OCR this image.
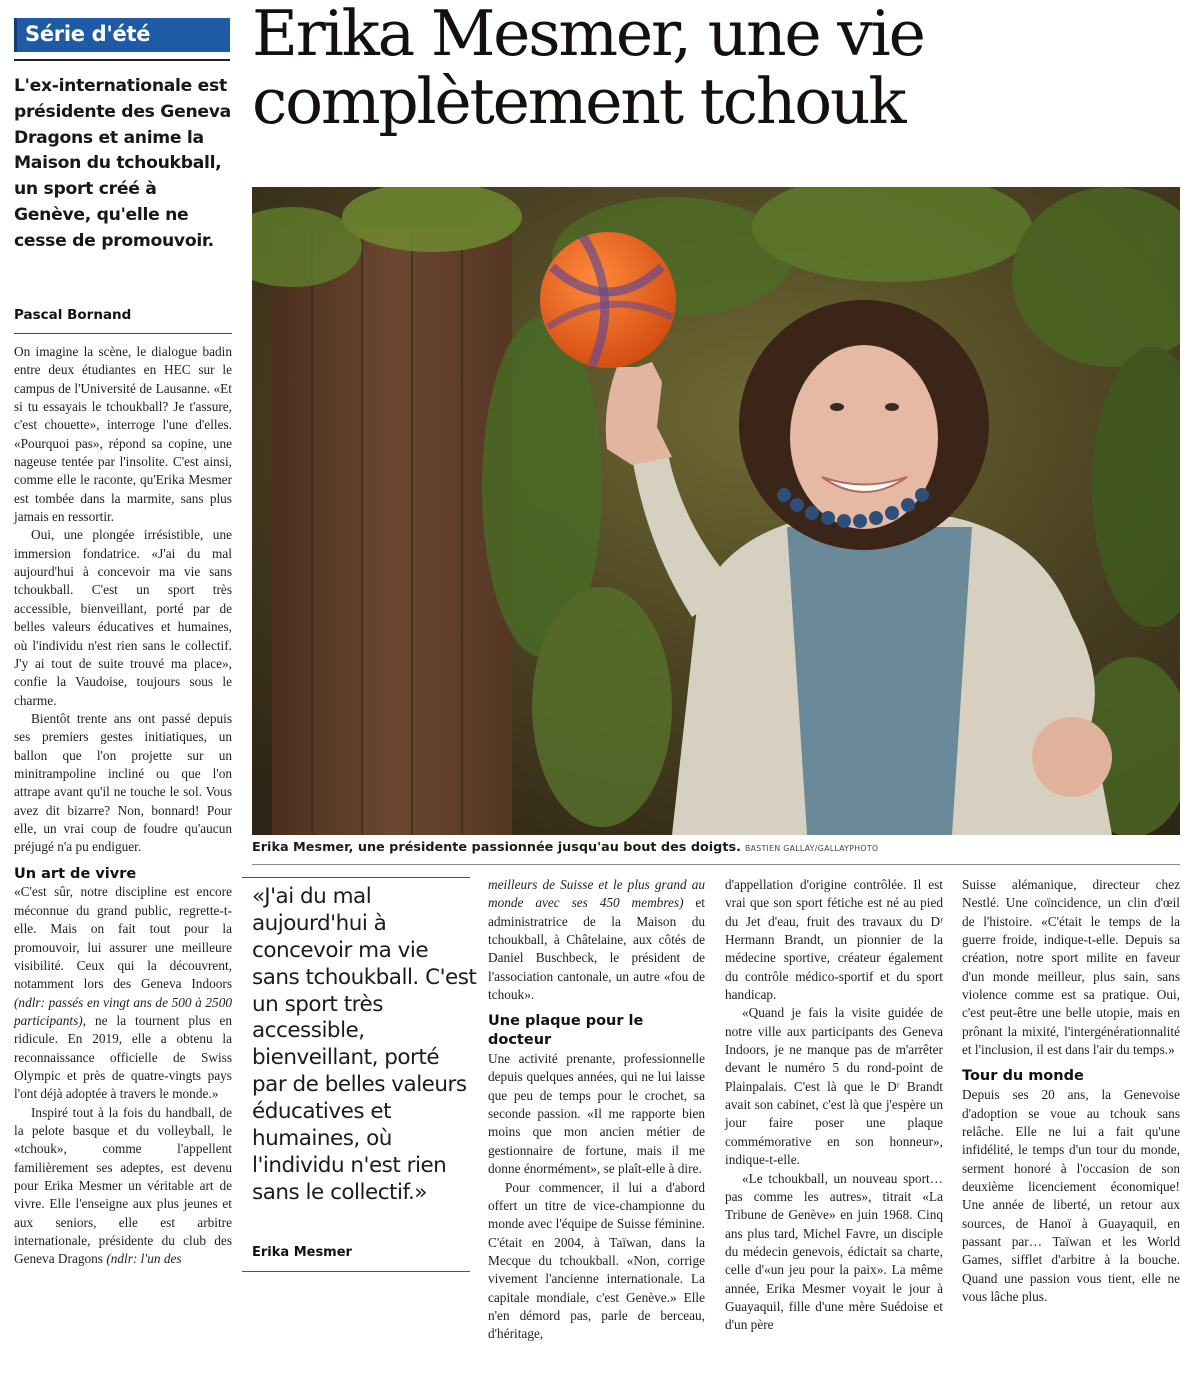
Série d'été Erika Mesmer, une vie complètement tchouk
L'ex-internationale est présidente des Geneva Dragons et anime la Maison du tchoukball, un sport créé à Genève, qu'elle ne cesse de promouvoir.
Pascal Bornand

On imagine la scène, le dialogue badin entre deux étudiantes en HEC sur le campus de l'Université de Lausanne. «Et si tu essayais le tchoukball? Je t'assure, c'est chouette», interroge l'une d'elles. «Pourquoi pas», répond sa copine, une nageuse tentée par l'insolite. C'est ainsi, comme elle le raconte, qu'Erika Mesmer est tombée dans la marmite, sans plus jamais en ressortir.

Oui, une plongée irrésistible, une immersion fondatrice. «J'ai du mal aujourd'hui à concevoir ma vie sans tchoukball. C'est un sport très accessible, bienveillant, porté par de belles valeurs éducatives et humaines, où l'individu n'est rien sans le collectif. J'y ai tout de suite trouvé ma place», confie la Vaudoise, toujours sous le charme.

Bientôt trente ans ont passé depuis ses premiers gestes initiatiques, un ballon que l'on projette sur un minitrampoline incliné ou que l'on attrape avant qu'il ne touche le sol. Vous avez dit bizarre? Non, bonnard! Pour elle, un vrai coup de foudre qu'aucun préjugé n'a pu endiguer.

Un art de vivre

«C'est sûr, notre discipline est encore méconnue du grand public, regrette-t-elle. Mais on fait tout pour la promouvoir, lui assurer une meilleure visibilité. Ceux qui la découvrent, notamment lors des Geneva Indoors (ndlr: passés en vingt ans de 500 à 2500 participants), ne la tournent plus en ridicule. En 2019, elle a obtenu la reconnaissance officielle de Swiss Olympic et près de quatre-vingts pays l'ont déjà adoptée à travers le monde.»

Inspiré tout à la fois du handball, de la pelote basque et du volleyball, le «tchouk», comme l'appellent familièrement ses adeptes, est devenu pour Erika Mesmer un véritable art de vivre. Elle l'enseigne aux plus jeunes et aux seniors, elle est arbitre internationale, présidente du club des Geneva Dragons (ndlr: l'un des

Erika Mesmer, une présidente passionnée jusqu'au bout des doigts. BASTIEN GALLAY/GALLAYPHOTO
«J'ai du mal aujourd'hui à concevoir ma vie sans tchoukball. C'est un sport très accessible, bienveillant, porté par de belles valeurs éducatives et humaines, où l'individu n'est rien sans le collectif.»
Erika Mesmer

meilleurs de Suisse et le plus grand au monde avec ses 450 membres) et administratrice de la Maison du tchoukball, à Châtelaine, aux côtés de Daniel Buschbeck, le président de l'association cantonale, un autre «fou de tchouk».

Une plaque pour le docteur

Une activité prenante, professionnelle depuis quelques années, qui ne lui laisse que peu de temps pour le crochet, sa seconde passion. «Il me rapporte bien moins que mon ancien métier de gestionnaire de fortune, mais il me donne énormément», se plaît-elle à dire.

Pour commencer, il lui a d'abord offert un titre de vice-championne du monde avec l'équipe de Suisse féminine. C'était en 2004, à Taïwan, dans la Mecque du tchoukball. «Non, corrige vivement l'ancienne internationale. La capitale mondiale, c'est Genève.» Elle n'en démord pas, parle de berceau, d'héritage,

d'appellation d'origine contrôlée. Il est vrai que son sport fétiche est né au pied du Jet d'eau, fruit des travaux du Dʳ Hermann Brandt, un pionnier de la médecine sportive, créateur également du contrôle médico-sportif et du sport handicap.

«Quand je fais la visite guidée de notre ville aux participants des Geneva Indoors, je ne manque pas de m'arrêter devant le numéro 5 du rond-point de Plainpalais. C'est là que le Dʳ Brandt avait son cabinet, c'est là que j'espère un jour faire poser une plaque commémorative en son honneur», indique-t-elle.

«Le tchoukball, un nouveau sport… pas comme les autres», titrait «La Tribune de Genève» en juin 1968. Cinq ans plus tard, Michel Favre, un disciple du médecin genevois, édictait sa charte, celle d'«un jeu pour la paix». La même année, Erika Mesmer voyait le jour à Guayaquil, fille d'une mère Suédoise et d'un père

Suisse alémanique, directeur chez Nestlé. Une coïncidence, un clin d'œil de l'histoire. «C'était le temps de la guerre froide, indique-t-elle. Depuis sa création, notre sport milite en faveur d'un monde meilleur, plus sain, sans violence comme est sa pratique. Oui, c'est peut-être une belle utopie, mais en prônant la mixité, l'intergénérationnalité et l'inclusion, il est dans l'air du temps.»

Tour du monde

Depuis ses 20 ans, la Genevoise d'adoption se voue au tchouk sans relâche. Elle ne lui a fait qu'une infidélité, le temps d'un tour du monde, serment honoré à l'occasion de son deuxième licenciement économique! Une année de liberté, un retour aux sources, de Hanoï à Guayaquil, en passant par… Taïwan et les World Games, sifflet d'arbitre à la bouche. Quand une passion vous tient, elle ne vous lâche plus.
